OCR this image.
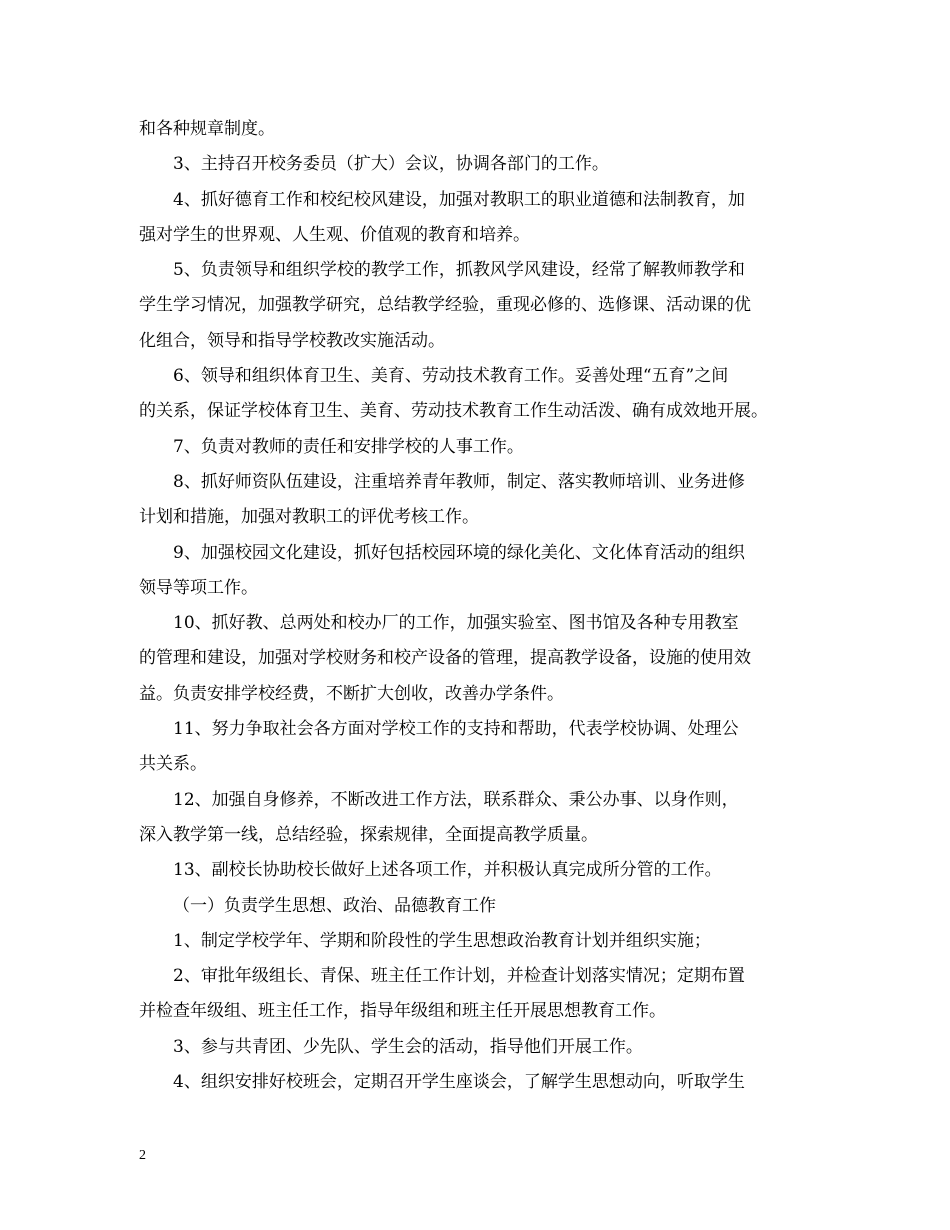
和各种规章制度。
3、主持召开校务委员（扩大）会议，协调各部门的工作。
4、抓好德育工作和校纪校风建设，加强对教职工的职业道德和法制教育，加
强对学生的世界观、人生观、价值观的教育和培养。
5、负责领导和组织学校的教学工作，抓教风学风建设，经常了解教师教学和
学生学习情况，加强教学研究，总结教学经验，重现必修的、选修课、活动课的优
化组合，领导和指导学校教改实施活动。
6、领导和组织体育卫生、美育、劳动技术教育工作。妥善处理“五育”之间
的关系，保证学校体育卫生、美育、劳动技术教育工作生动活泼、确有成效地开展。
7、负责对教师的责任和安排学校的人事工作。
8、抓好师资队伍建设，注重培养青年教师，制定、落实教师培训、业务进修
计划和措施，加强对教职工的评优考核工作。
9、加强校园文化建设，抓好包括校园环境的绿化美化、文化体育活动的组织
领导等项工作。
10、抓好教、总两处和校办厂的工作，加强实验室、图书馆及各种专用教室
的管理和建设，加强对学校财务和校产设备的管理，提高教学设备，设施的使用效
益。负责安排学校经费，不断扩大创收，改善办学条件。
11、努力争取社会各方面对学校工作的支持和帮助，代表学校协调、处理公
共关系。
12、加强自身修养，不断改进工作方法，联系群众、秉公办事、以身作则，
深入教学第一线，总结经验，探索规律，全面提高教学质量。
13、副校长协助校长做好上述各项工作，并积极认真完成所分管的工作。
（一）负责学生思想、政治、品德教育工作
1、制定学校学年、学期和阶段性的学生思想政治教育计划并组织实施；
2、审批年级组长、青保、班主任工作计划，并检查计划落实情况；定期布置
并检查年级组、班主任工作，指导年级组和班主任开展思想教育工作。
3、参与共青团、少先队、学生会的活动，指导他们开展工作。
4、组织安排好校班会，定期召开学生座谈会，了解学生思想动向，听取学生
2
